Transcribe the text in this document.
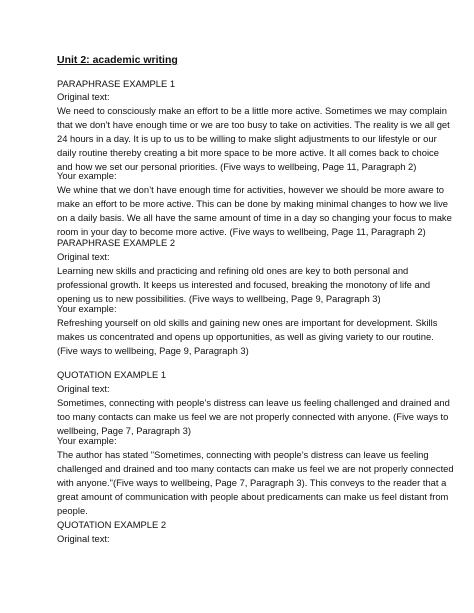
Unit 2: academic writing
PARAPHRASE EXAMPLE 1
Original text:
We need to consciously make an effort to be a little more active. Sometimes we may complain
that we don’t have enough time or we are too busy to take on activities. The reality is we all get
24 hours in a day. It is up to us to be willing to make slight adjustments to our lifestyle or our
daily routine thereby creating a bit more space to be more active. It all comes back to choice
and how we set our personal priorities. (Five ways to wellbeing, Page 11, Paragraph 2)
Your example:
We whine that we don’t have enough time for activities, however we should be more aware to
make an effort to be more active. This can be done by making minimal changes to how we live
on a daily basis. We all have the same amount of time in a day so changing your focus to make
room in your day to become more active. (Five ways to wellbeing, Page 11, Paragraph 2)
PARAPHRASE EXAMPLE 2
Original text:
Learning new skills and practicing and refining old ones are key to both personal and
professional growth. It keeps us interested and focused, breaking the monotony of life and
opening us to new possibilities. (Five ways to wellbeing, Page 9, Paragraph 3)
Your example:
Refreshing yourself on old skills and gaining new ones are important for development. Skills
makes us concentrated and opens up opportunities, as well as giving variety to our routine.
(Five ways to wellbeing, Page 9, Paragraph 3)
QUOTATION EXAMPLE 1
Original text:
Sometimes, connecting with people’s distress can leave us feeling challenged and drained and
too many contacts can make us feel we are not properly connected with anyone. (Five ways to
wellbeing, Page 7, Paragraph 3)
Your example:
The author has stated "Sometimes, connecting with people’s distress can leave us feeling
challenged and drained and too many contacts can make us feel we are not properly connected
with anyone."(Five ways to wellbeing, Page 7, Paragraph 3). This conveys to the reader that a
great amount of communication with people about predicaments can make us feel distant from
people.
QUOTATION EXAMPLE 2
Original text:
